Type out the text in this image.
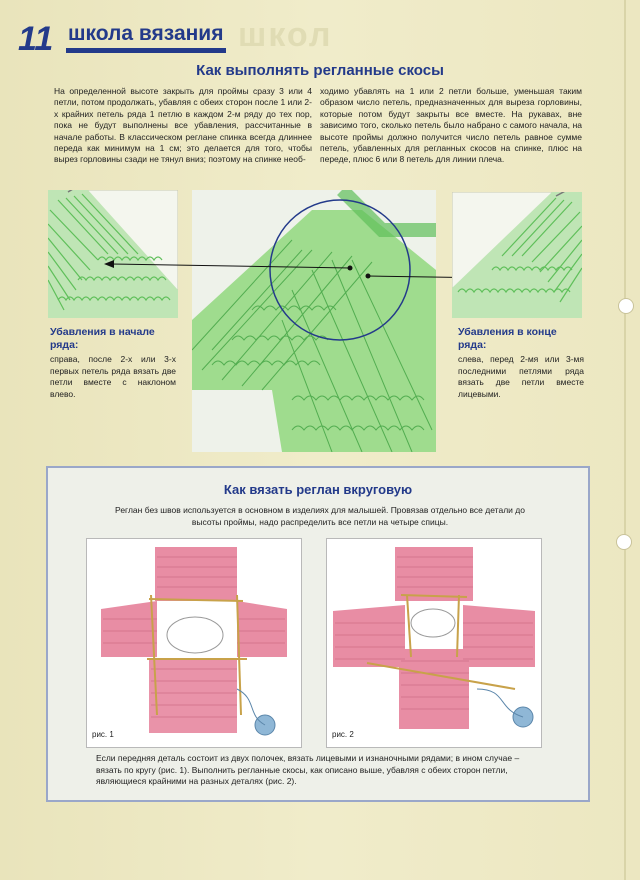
школ
11 школа вязания
Как выполнять регланные скосы

На определенной высоте закрыть для проймы сразу 3 или 4 петли, потом продолжать, убавляя с обеих сторон после 1 или 2-х крайних петель ряда 1 петлю в каждом 2-м ряду до тех пор, пока не будут выполнены все убавления, рассчитанные в начале работы. В классическом реглане спинка всегда длиннее переда как минимум на 1 см; это делается для того, чтобы вырез горловины сзади не тянул вниз; поэтому на спинке необ-

ходимо убавлять на 1 или 2 петли больше, уменьшая таким образом число петель, предназначенных для выреза горловины, которые потом будут закрыты все вместе. На рукавах, вне зависимо того, сколько петель было набрано с самого начала, на высоте проймы должно получится число петель равное сумме петель, убавленных для регланных скосов на спинке, плюс на переде, плюс 6 или 8 петель для линии плеча.

Убавления в начале ряда:
справа, после 2-х или 3-х первых петель ряда вязать две петли вместе с наклоном влево.
Убавления в конце ряда:
слева, перед 2-мя или 3-мя последними петлями ряда вязать две петли вместе лицевыми.
Как вязать реглан вкруговую
Реглан без швов используется в основном в изделиях для малышей. Провязав отдельно все детали до высоты проймы, надо распределить все петли на четыре спицы.
рис. 1	рис. 2
Если передняя деталь состоит из двух полочек, вязать лицевыми и изнаночными рядами; в ином случае – вязать по кругу (рис. 1). Выполнить регланные скосы, как описано выше, убавляя с обеих сторон петли, являющиеся крайними на разных деталях (рис. 2).
